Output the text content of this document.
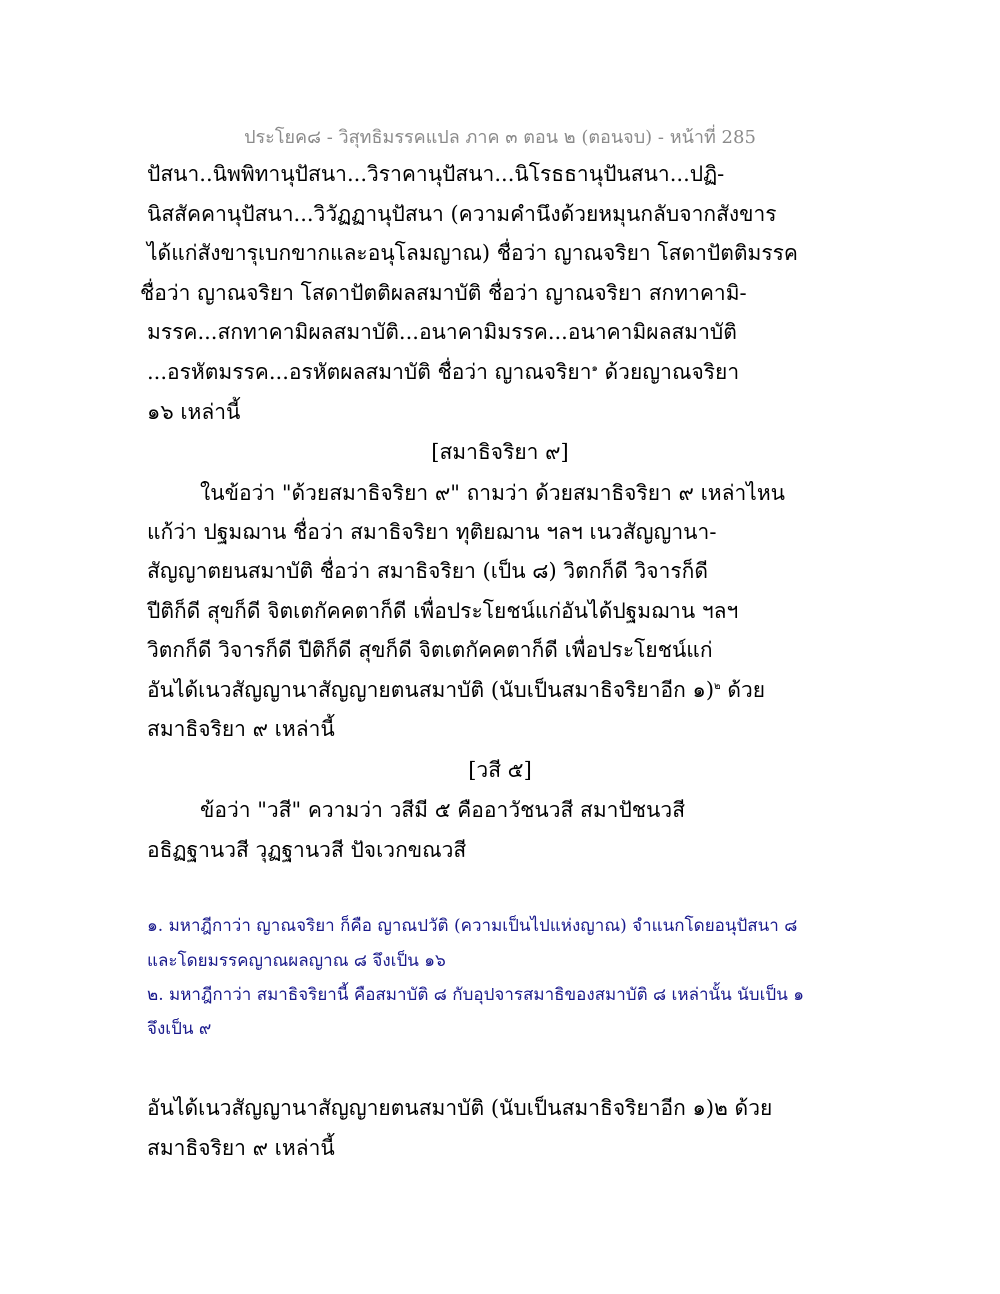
ประโยค๘ - วิสุทธิมรรคแปล ภาค ๓ ตอน ๒ (ตอนจบ) - หน้าที่ 285
ปัสนา..นิพพิทานุปัสนา...วิราคานุปัสนา...นิโรธธานุปันสนา...ปฏิ-
นิสสัคคานุปัสนา...วิวัฏฏานุปัสนา (ความคำนึงด้วยหมุนกลับจากสังขาร
ได้แก่สังขารุเบกขากและอนุโลมญาณ) ชื่อว่า ญาณจริยา โสดาปัตติมรรค
ชื่อว่า ญาณจริยา โสดาปัตติผลสมาบัติ ชื่อว่า ญาณจริยา สกทาคามิ-
มรรค...สกทาคามิผลสมาบัติ...อนาคามิมรรค...อนาคามิผลสมาบัติ
...อรหัตมรรค...อรหัตผลสมาบัติ ชื่อว่า ญาณจริยา$^๑$ ด้วยญาณจริยา
๑๖ เหล่านี้
[สมาธิจริยา ๙]
ในข้อว่า "ด้วยสมาธิจริยา ๙" ถามว่า ด้วยสมาธิจริยา ๙ เหล่าไหน
แก้ว่า ปฐมฌาน ชื่อว่า สมาธิจริยา ทุติยฌาน ฯลฯ เนวสัญญานา-
สัญญาตยนสมาบัติ ชื่อว่า สมาธิจริยา (เป็น ๘) วิตกก็ดี วิจารก็ดี
ปีติก็ดี สุขก็ดี จิตเตกัคคตาก็ดี เพื่อประโยชน์แก่อันได้ปฐมฌาน ฯลฯ
วิตกก็ดี วิจารก็ดี ปีติก็ดี สุขก็ดี จิตเตกัคคตาก็ดี เพื่อประโยชน์แก่
อันได้เนวสัญญานาสัญญายตนสมาบัติ (นับเป็นสมาธิจริยาอีก ๑)$^๒$ ด้วย
สมาธิจริยา ๙ เหล่านี้
[วสี ๕]
ข้อว่า "วสี" ความว่า วสีมี ๕ คืออาวัชนวสี สมาปัชนวสี
อธิฏฐานวสี วุฏฐานวสี ปัจเวกขณวสี
๑. มหาฎีกาว่า ญาณจริยา ก็คือ ญาณปวัติ (ความเป็นไปแห่งญาณ) จำแนกโดยอนุปัสนา ๘
และโดยมรรคญาณผลญาณ ๘ จึงเป็น ๑๖
๒. มหาฎีกาว่า สมาธิจริยานี้ คือสมาบัติ ๘ กับอุปจารสมาธิของสมาบัติ ๘ เหล่านั้น นับเป็น ๑
จึงเป็น ๙
อันได้เนวสัญญานาสัญญายตนสมาบัติ (นับเป็นสมาธิจริยาอีก ๑)๒ ด้วย
สมาธิจริยา ๙ เหล่านี้
